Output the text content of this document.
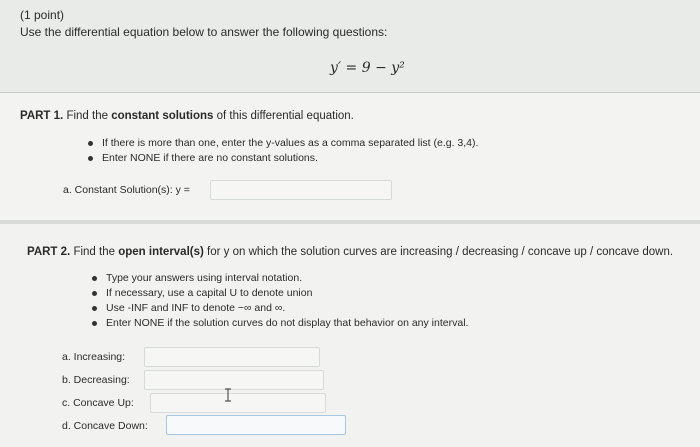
(1 point)
Use the differential equation below to answer the following questions:
y′ = 9 − y²
PART 1. Find the constant solutions of this differential equation.
If there is more than one, enter the y-values as a comma separated list (e.g. 3,4).
Enter NONE if there are no constant solutions.
a. Constant Solution(s): y =
PART 2. Find the open interval(s) for y on which the solution curves are increasing / decreasing / concave up / concave down.
Type your answers using interval notation.
If necessary, use a capital U to denote union
Use -INF and INF to denote −∞ and ∞.
Enter NONE if the solution curves do not display that behavior on any interval.
a. Increasing:
b. Decreasing:
c. Concave Up:
d. Concave Down:
